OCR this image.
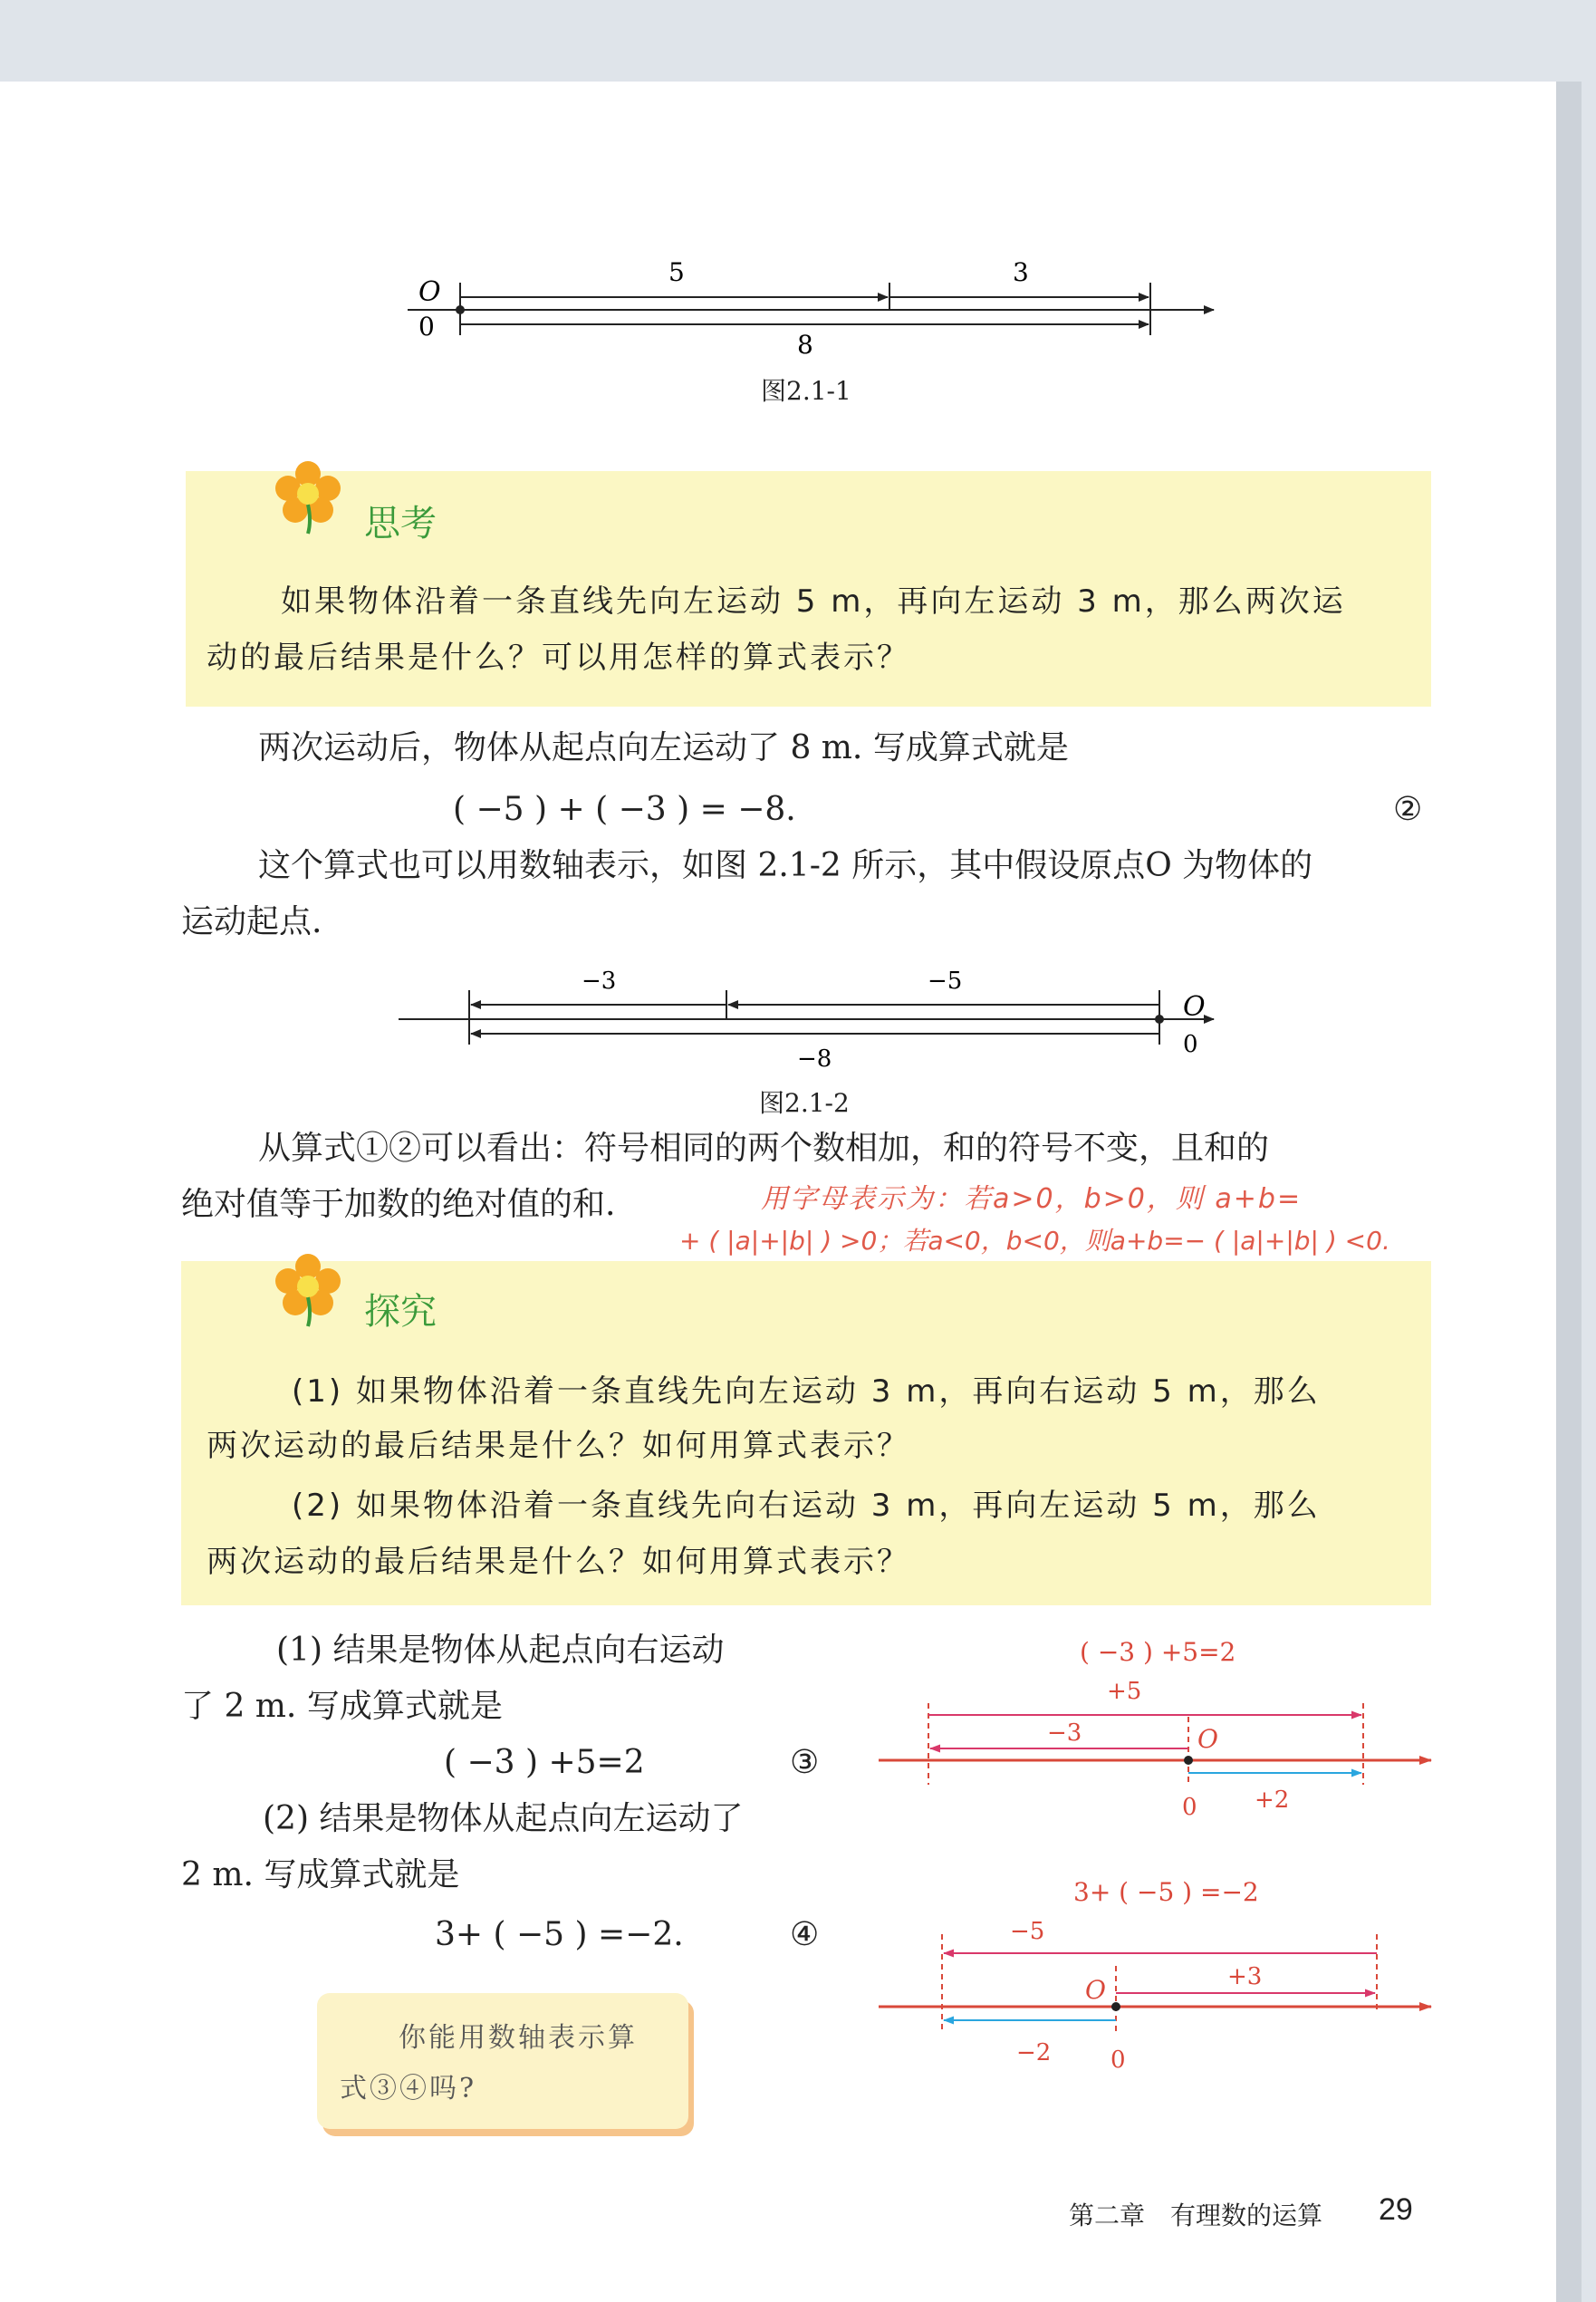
O
0
5	3
8
图2.1-1
思考
如果物体沿着一条直线先向左运动 5 m，再向左运动 3 m，那么两次运
动的最后结果是什么？可以用怎样的算式表示？
两次运动后，物体从起点向左运动了 8 m. 写成算式就是
( −5 ) + ( −3 ) = −8.	②
这个算式也可以用数轴表示，如图 2.1-2 所示，其中假设原点O 为物体的
运动起点.
−3	−5
−8
O
0
图2.1-2
从算式①②可以看出：符号相同的两个数相加，和的符号不变，且和的
绝对值等于加数的绝对值的和.	用字母表示为：若a>0，b>0，则 a+b=
+ ( |a|+|b| ) >0；若a<0，b<0，则a+b=− ( |a|+|b| ) <0.
探究
(1) 如果物体沿着一条直线先向左运动 3 m，再向右运动 5 m，那么
两次运动的最后结果是什么？如何用算式表示？
(2) 如果物体沿着一条直线先向右运动 3 m，再向左运动 5 m，那么
两次运动的最后结果是什么？如何用算式表示？
(1) 结果是物体从起点向右运动
了 2 m. 写成算式就是
( −3 ) +5=2	③
(2) 结果是物体从起点向左运动了
2 m. 写成算式就是
3+ ( −5 ) =−2.	④
你能用数轴表示算
式③④吗?
( −3 ) +5=2
+5
−3	O
0 +2
3+ ( −5 ) =−2
−5
+3
O
−2	0
第二章　有理数的运算 29
